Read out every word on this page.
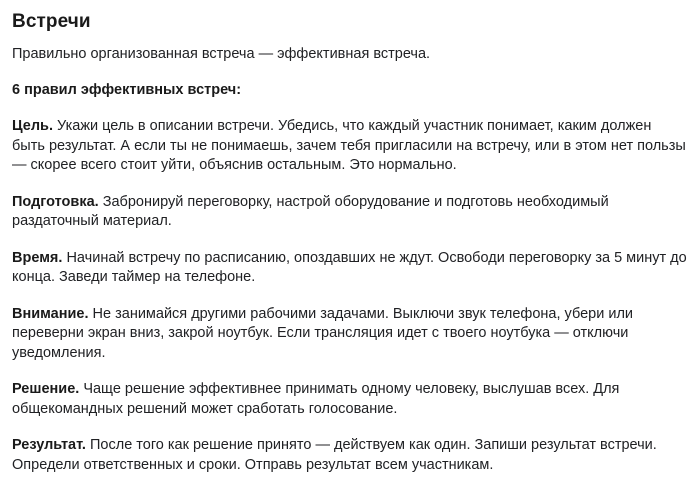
Встречи

Правильно организованная встреча — эффективная встреча.

6 правил эффективных встреч:

Цель. Укажи цель в описании встречи. Убедись, что каждый участник понимает, каким должен быть результат. А если ты не понимаешь, зачем тебя пригласили на встречу, или в этом нет пользы — скорее всего стоит уйти, объяснив остальным. Это нормально.

Подготовка. Забронируй переговорку, настрой оборудование и подготовь необходимый раздаточный материал.

Время. Начинай встречу по расписанию, опоздавших не ждут. Освободи переговорку за 5 минут до конца. Заведи таймер на телефоне.

Внимание. Не занимайся другими рабочими задачами. Выключи звук телефона, убери или переверни экран вниз, закрой ноутбук. Если трансляция идет с твоего ноутбука — отключи уведомления.

Решение. Чаще решение эффективнее принимать одному человеку, выслушав всех. Для общекомандных решений может сработать голосование.

Результат. После того как решение принято — действуем как один. Запиши результат встречи. Определи ответственных и сроки. Отправь результат всем участникам.
